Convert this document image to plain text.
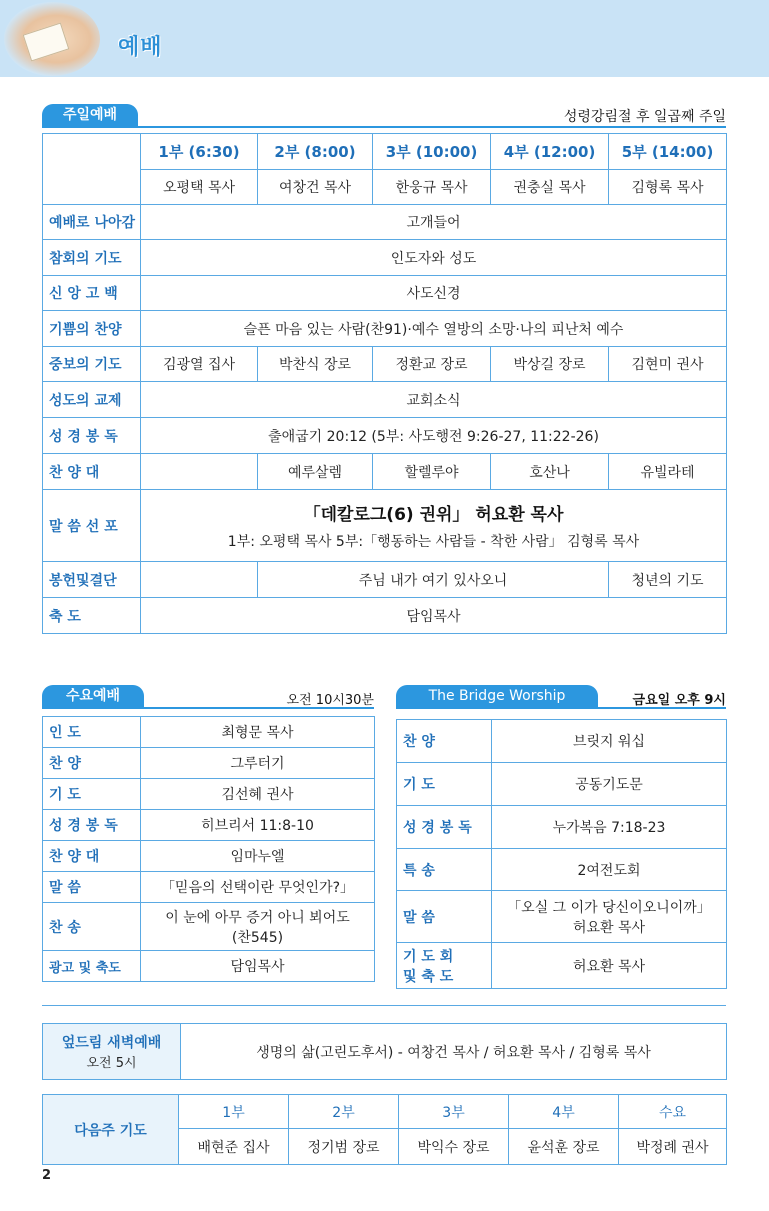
예배
주일예배	성령강림절 후 일곱째 주일
	1부 (6:30)	2부 (8:00)	3부 (10:00)	4부 (12:00)	5부 (14:00)
	오평택 목사	여창건 목사	한웅규 목사	권충실 목사	김형록 목사
예배로 나아감	고개들어				
참회의 기도	인도자와 성도				
신 앙 고 백	사도신경				
기쁨의 찬양	슬픈 마음 있는 사람(찬91)·예수 열방의 소망·나의 피난처 예수				
중보의 기도	김광열 집사	박찬식 장로	정환교 장로	박상길 장로	김현미 권사
성도의 교제	교회소식				
성 경 봉 독	출애굽기 20:12 (5부: 사도행전 9:26-27, 11:22-26)				
찬 양 대		예루살렘	할렐루야	호산나	유빌라테
말 씀 선 포	「데칼로그(6) 권위」 허요환 목사
1부: 오평택 목사 5부:「행동하는 사람들 - 착한 사람」 김형록 목사				

봉헌및결단		주님 내가 여기 있사오니			청년의 기도
축 도	담임목사				
수요예배	오전 10시30분
인 도	최형문 목사
찬 양	그루터기
기 도	김선혜 권사
성 경 봉 독	히브리서 11:8-10
찬 양 대	임마누엘
말 씀	「믿음의 선택이란 무엇인가?」
찬 송	이 눈에 아무 증거 아니 뵈어도
(찬545)

광고 및 축도	담임목사
The Bridge Worship	금요일 오후 9시
찬 양	브릿지 워십
기 도	공동기도문
성 경 봉 독	누가복음 7:18-23
특 송	2여전도회
말 씀	「오실 그 이가 당신이오니이까」
허요환 목사

기 도 회
및 축 도	허요환 목사
엎드림 새벽예배
오전 5시
	생명의 삶(고린도후서) - 여창건 목사 / 허요환 목사 / 김형록 목사
다음주 기도	1부	2부	3부	4부	수요
	배현준 집사	정기범 장로	박익수 장로	윤석훈 장로	박정례 권사
2
